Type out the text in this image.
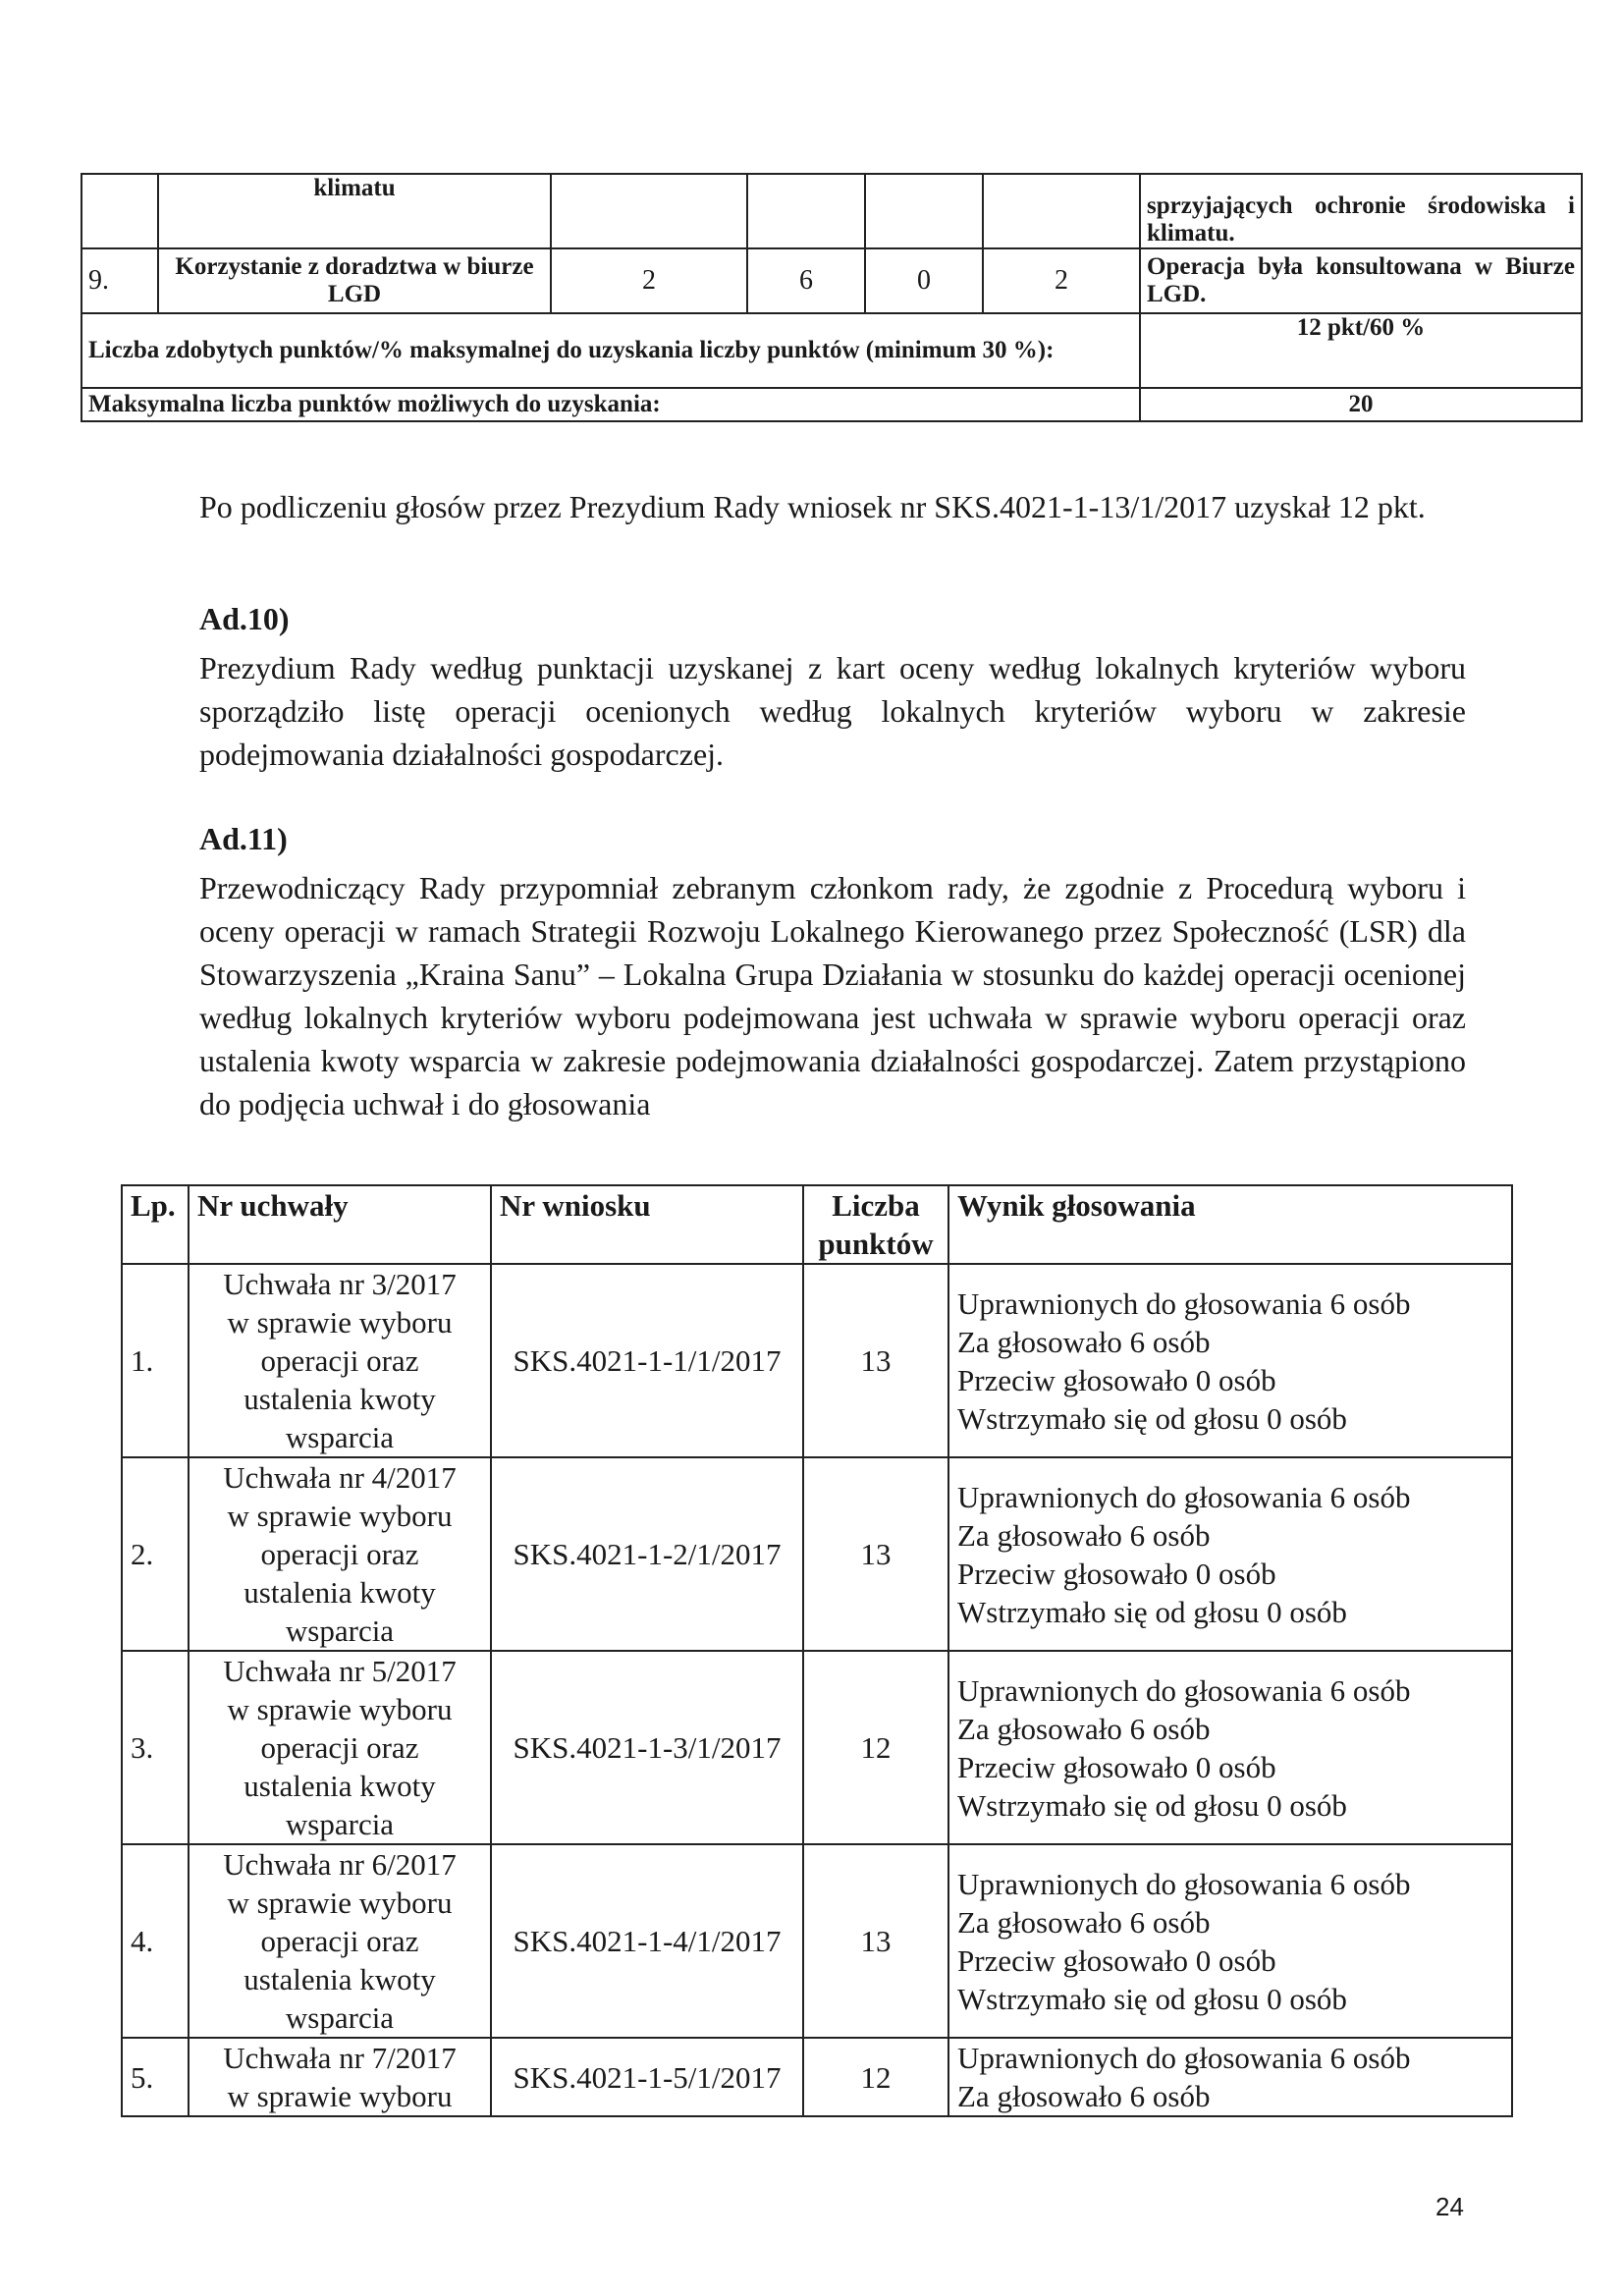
	klimatu					sprzyjających ochronie środowiska i klimatu.
9.	Korzystanie z doradztwa w biurze LGD	2	6	0	2	Operacja była konsultowana w Biurze LGD.
Liczba zdobytych punktów/% maksymalnej do uzyskania liczby punktów (minimum 30 %):						12 pkt/60 %
Maksymalna liczba punktów możliwych do uzyskania:						20

Po podliczeniu głosów przez Prezydium Rady wniosek nr SKS.4021-1-13/1/2017 uzyskał 12 pkt.

Ad.10)

Prezydium Rady według punktacji uzyskanej z kart oceny według lokalnych kryteriów wyboru sporządziło listę operacji ocenionych według lokalnych kryteriów wyboru w zakresie podejmowania działalności gospodarczej.

Ad.11)

Przewodniczący Rady przypomniał zebranym członkom rady, że zgodnie z Procedurą wyboru i oceny operacji w ramach Strategii Rozwoju Lokalnego Kierowanego przez Społeczność (LSR) dla Stowarzyszenia „Kraina Sanu” – Lokalna Grupa Działania w stosunku do każdej operacji ocenionej według lokalnych kryteriów wyboru podejmowana jest uchwała w sprawie wyboru operacji oraz ustalenia kwoty wsparcia w zakresie podejmowania działalności gospodarczej. Zatem przystąpiono do podjęcia uchwał i do głosowania

Lp.	Nr uchwały	Nr wniosku	Liczba punktów	Wynik głosowania
1.	Uchwała nr 3/2017
w sprawie wyboru
operacji oraz
ustalenia kwoty
wsparcia	SKS.4021-1-1/1/2017	13	Uprawnionych do głosowania 6 osób
Za głosowało 6 osób
Przeciw głosowało 0 osób
Wstrzymało się od głosu 0 osób

2.	Uchwała nr 4/2017
w sprawie wyboru
operacji oraz
ustalenia kwoty
wsparcia	SKS.4021-1-2/1/2017	13	Uprawnionych do głosowania 6 osób
Za głosowało 6 osób
Przeciw głosowało 0 osób
Wstrzymało się od głosu 0 osób

3.	Uchwała nr 5/2017
w sprawie wyboru
operacji oraz
ustalenia kwoty
wsparcia	SKS.4021-1-3/1/2017	12	Uprawnionych do głosowania 6 osób
Za głosowało 6 osób
Przeciw głosowało 0 osób
Wstrzymało się od głosu 0 osób

4.	Uchwała nr 6/2017
w sprawie wyboru
operacji oraz
ustalenia kwoty
wsparcia	SKS.4021-1-4/1/2017	13	Uprawnionych do głosowania 6 osób
Za głosowało 6 osób
Przeciw głosowało 0 osób
Wstrzymało się od głosu 0 osób

5.	Uchwała nr 7/2017
w sprawie wyboru	SKS.4021-1-5/1/2017	12	Uprawnionych do głosowania 6 osób
Za głosowało 6 osób
24
